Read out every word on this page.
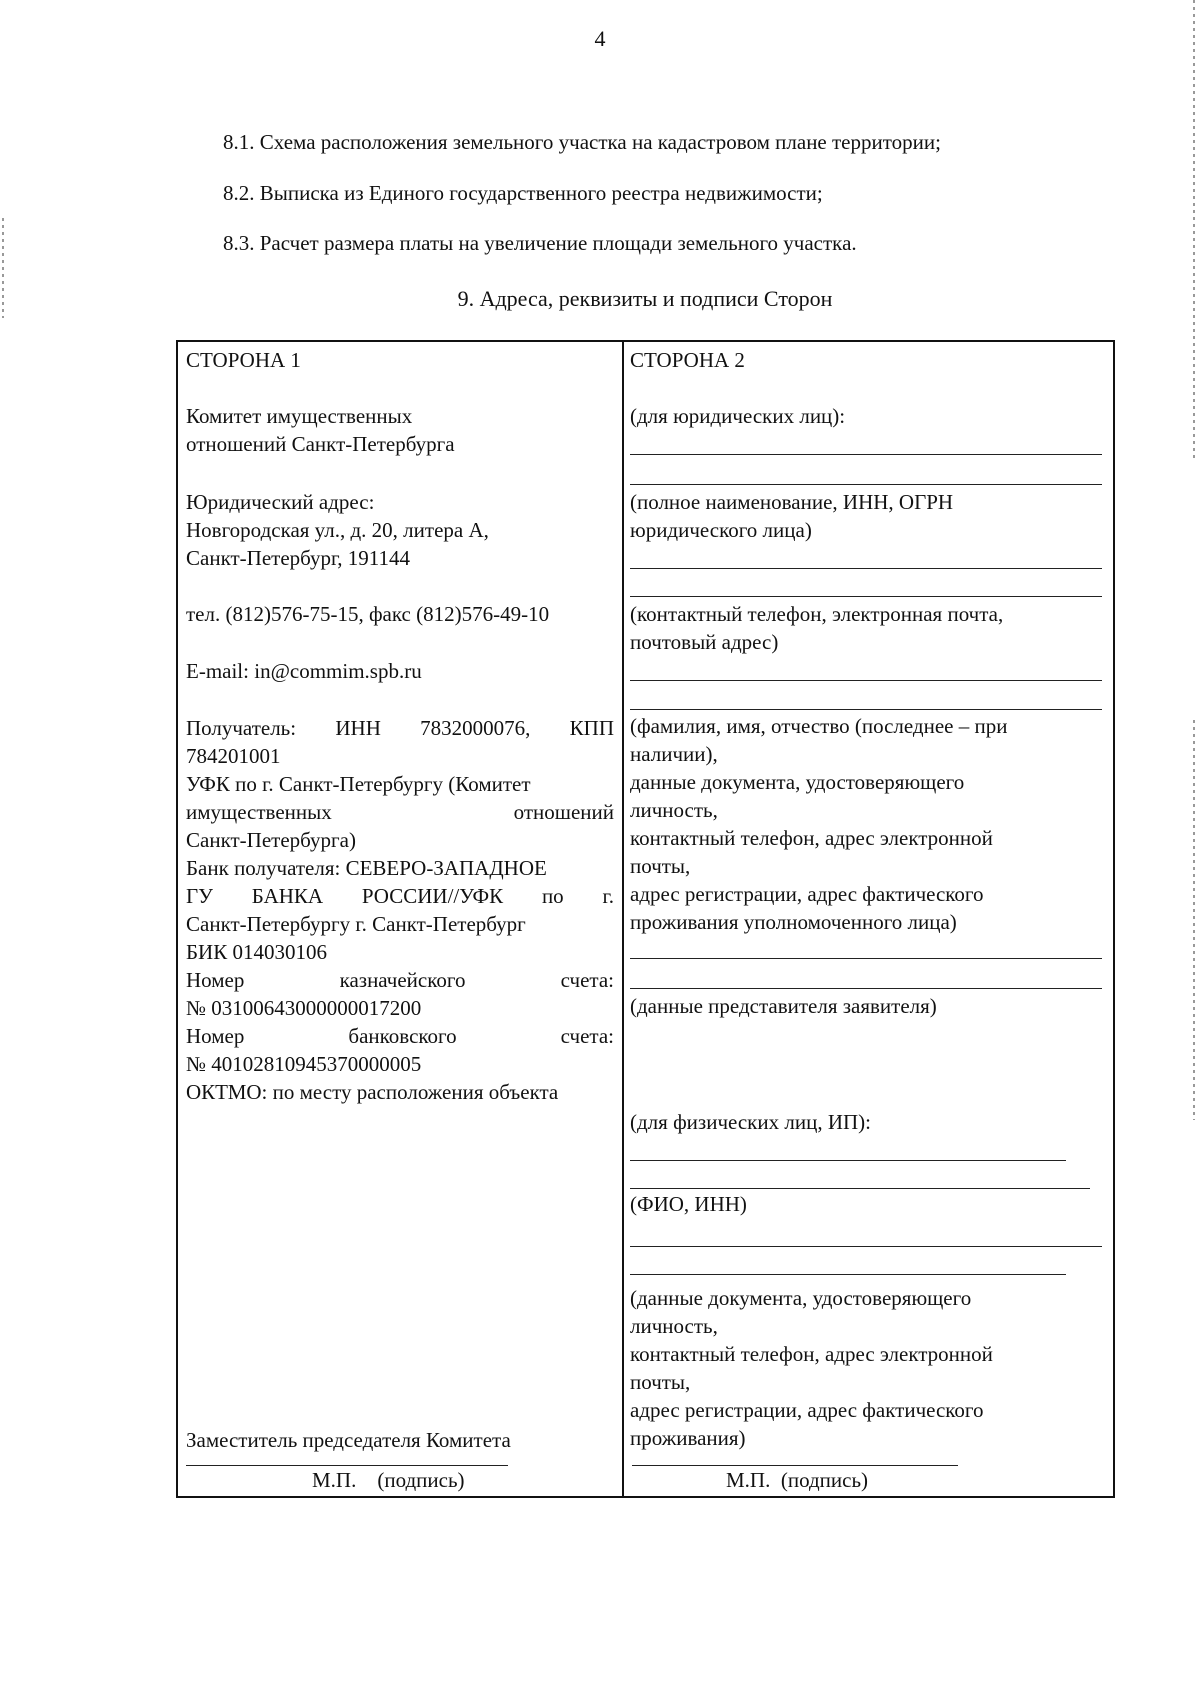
4
8.1. Схема расположения земельного участка на кадастровом плане территории;
8.2. Выписка из Единого государственного реестра недвижимости;
8.3. Расчет размера платы на увеличение площади земельного участка.
9. Адреса, реквизиты и подписи Сторон
СТОРОНА 1
Комитет имущественных
отношений Санкт-Петербурга
Юридический адрес:
Новгородская ул., д. 20, литера А,
Санкт-Петербург, 191144
тел. (812)576-75-15, факс (812)576-49-10
E-mail: in@commim.spb.ru
Получатель: ИНН 7832000076, КПП
784201001
УФК по г. Санкт-Петербургу (Комитет
имущественных	отношений
Санкт-Петербурга)
Банк получателя: СЕВЕРО-ЗАПАДНОЕ
ГУ БАНКА РОССИИ//УФК по г.
Санкт-Петербургу г. Санкт-Петербург
БИК 014030106
Номер	казначейского	счета:
№ 03100643000000017200
Номер	банковского	счета:
№ 40102810945370000005
ОКТМО: по месту расположения объекта
Заместитель председателя Комитета
М.П.    (подпись)
СТОРОНА 2
(для юридических лиц):
(полное наименование, ИНН, ОГРН
юридического лица)
(контактный телефон, электронная почта,
почтовый адрес)
(фамилия, имя, отчество (последнее – при
наличии),
данные документа, удостоверяющего
личность,
контактный телефон, адрес электронной
почты,
адрес регистрации, адрес фактического
проживания уполномоченного лица)
(данные представителя заявителя)
(для физических лиц, ИП):
(ФИО, ИНН)
(данные документа, удостоверяющего
личность,
контактный телефон, адрес электронной
почты,
адрес регистрации, адрес фактического
проживания)
М.П.  (подпись)
